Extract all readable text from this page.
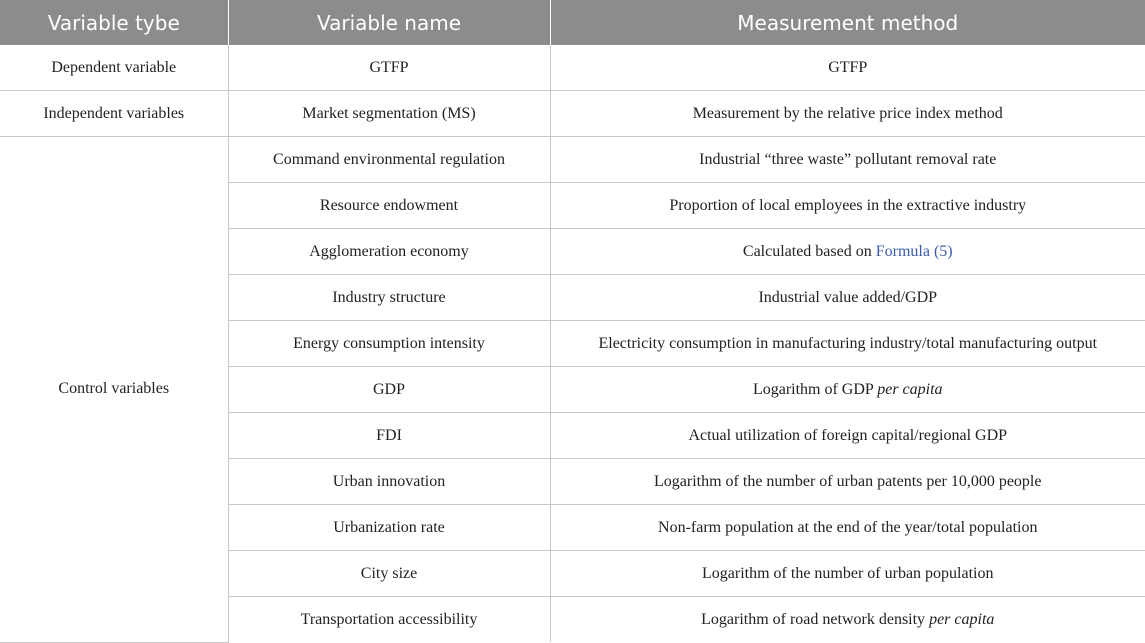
Variable tybe	Variable name	Measurement method
Dependent variable	GTFP	GTFP
Independent variables	Market segmentation (MS)	Measurement by the relative price index method
Control variables	Command environmental regulation	Industrial “three waste” pollutant removal rate
	Resource endowment	Proportion of local employees in the extractive industry
	Agglomeration economy	Calculated based on Formula (5)
	Industry structure	Industrial value added/GDP
	Energy consumption intensity	Electricity consumption in manufacturing industry/total manufacturing output
	GDP	Logarithm of GDP per capita
	FDI	Actual utilization of foreign capital/regional GDP
	Urban innovation	Logarithm of the number of urban patents per 10,000 people
	Urbanization rate	Non-farm population at the end of the year/total population
	City size	Logarithm of the number of urban population
	Transportation accessibility	Logarithm of road network density per capita
